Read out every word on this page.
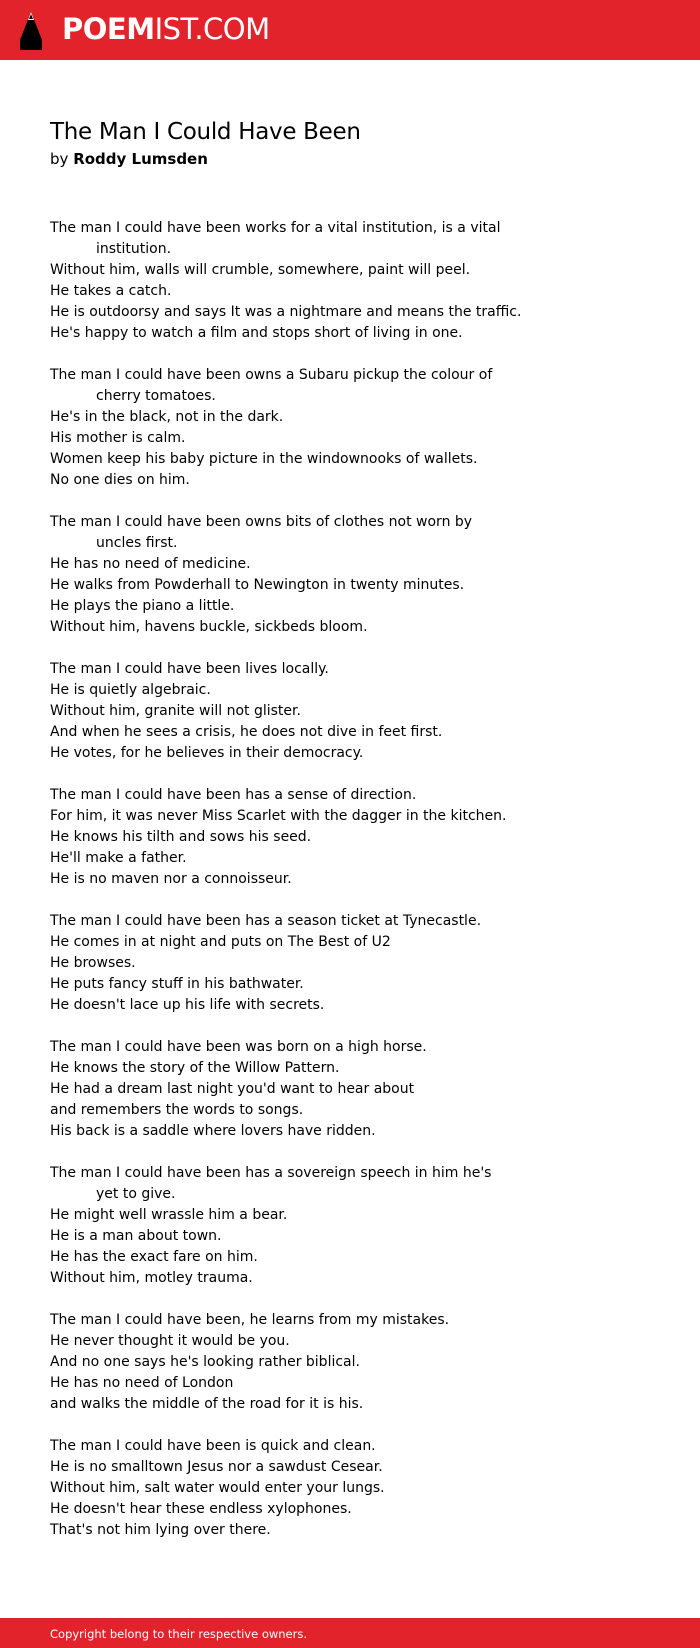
POEMIST.COM
The Man I Could Have Been
by Roddy Lumsden
The man I could have been works for a vital institution, is a vital
institution.
Without him, walls will crumble, somewhere, paint will peel.
He takes a catch.
He is outdoorsy and says It was a nightmare and means the traffic.
He's happy to watch a film and stops short of living in one.
The man I could have been owns a Subaru pickup the colour of
cherry tomatoes.
He's in the black, not in the dark.
His mother is calm.
Women keep his baby picture in the windownooks of wallets.
No one dies on him.
The man I could have been owns bits of clothes not worn by
uncles first.
He has no need of medicine.
He walks from Powderhall to Newington in twenty minutes.
He plays the piano a little.
Without him, havens buckle, sickbeds bloom.
The man I could have been lives locally.
He is quietly algebraic.
Without him, granite will not glister.
And when he sees a crisis, he does not dive in feet first.
He votes, for he believes in their democracy.
The man I could have been has a sense of direction.
For him, it was never Miss Scarlet with the dagger in the kitchen.
He knows his tilth and sows his seed.
He'll make a father.
He is no maven nor a connoisseur.
The man I could have been has a season ticket at Tynecastle.
He comes in at night and puts on The Best of U2
He browses.
He puts fancy stuff in his bathwater.
He doesn't lace up his life with secrets.
The man I could have been was born on a high horse.
He knows the story of the Willow Pattern.
He had a dream last night you'd want to hear about
and remembers the words to songs.
His back is a saddle where lovers have ridden.
The man I could have been has a sovereign speech in him he's
yet to give.
He might well wrassle him a bear.
He is a man about town.
He has the exact fare on him.
Without him, motley trauma.
The man I could have been, he learns from my mistakes.
He never thought it would be you.
And no one says he's looking rather biblical.
He has no need of London
and walks the middle of the road for it is his.
The man I could have been is quick and clean.
He is no smalltown Jesus nor a sawdust Cesear.
Without him, salt water would enter your lungs.
He doesn't hear these endless xylophones.
That's not him lying over there.
Copyright belong to their respective owners.
